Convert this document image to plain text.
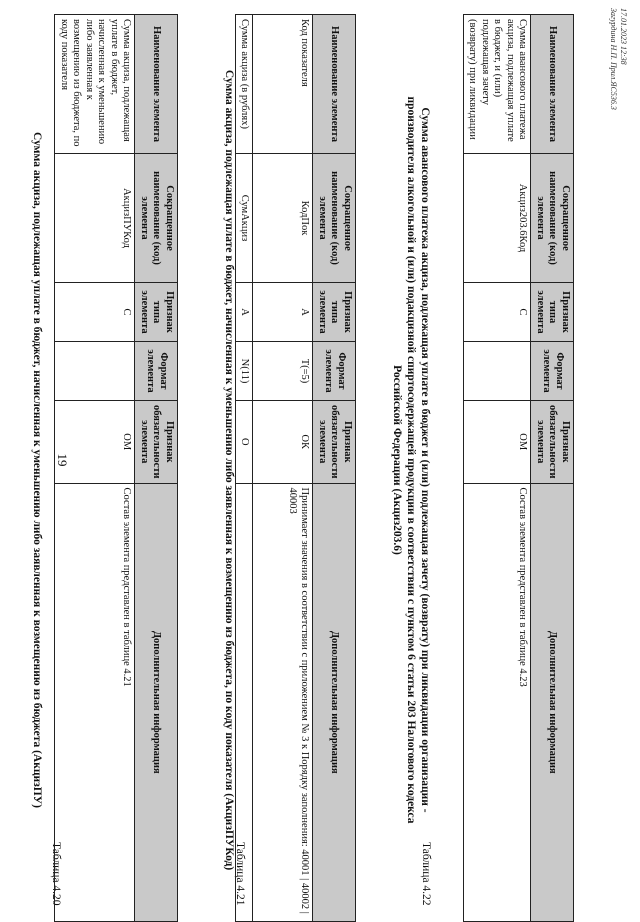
17.01.2023 12:38
Загурдина Н.П. Прил.ЯС536.3
Таблица 4.20
Сумма акциза, подлежащая уплате в бюджет, начисленная к уменьшению либо заявленная к возмещению из бюджета (АкцизПУ)
Таблица 4.21
Сумма акциза, подлежащая уплате в бюджет, начисленная к уменьшению либо заявленная к возмещению из бюджета, по коду показателя (АкцизПУКод)
Таблица 4.22
Сумма авансового платежа акциза, подлежащая уплате в бюджет и (или) подлежащая зачету (возврату) при ликвидации организации - производителя алкогольной и (или) подакцизной спиртосодержащей продукции в соответствии с пунктом 6 статьи 203 Налогового кодекса Российской Федерации (Акциз203.6)
19
Наименование элемента	Сокращенное наименование (код) элемента	Признак типа элемента	Формат элемента	Признак обязательности элемента	Дополнительная информация
Сумма акциза, подлежащая уплате в бюджет, начисленная к уменьшению либо заявленная к возмещению из бюджета, по коду показателя	АкцизПУКод	С		ОМ	Состав элемента представлен в таблице 4.21
Наименование элемента	Сокращенное наименование (код) элемента	Признак типа элемента	Формат элемента	Признак обязательности элемента	Дополнительная информация
Код показателя	КодПок	А	T(=5)	ОК	Принимает значения в соответствии с приложением № 3 к Порядку заполнения: 40001 | 40002 | 40003
Сумма акциза (в рублях)	СумАкциз	А	N(11)	О	
Наименование элемента	Сокращенное наименование (код) элемента	Признак типа элемента	Формат элемента	Признак обязательности элемента	Дополнительная информация
Сумма авансового платежа акциза, подлежащая уплате в бюджет, и (или) подлежащая зачету (возврату) при ликвидации	Акциз203.6Код	С		ОМ	Состав элемента представлен в таблице 4.23
